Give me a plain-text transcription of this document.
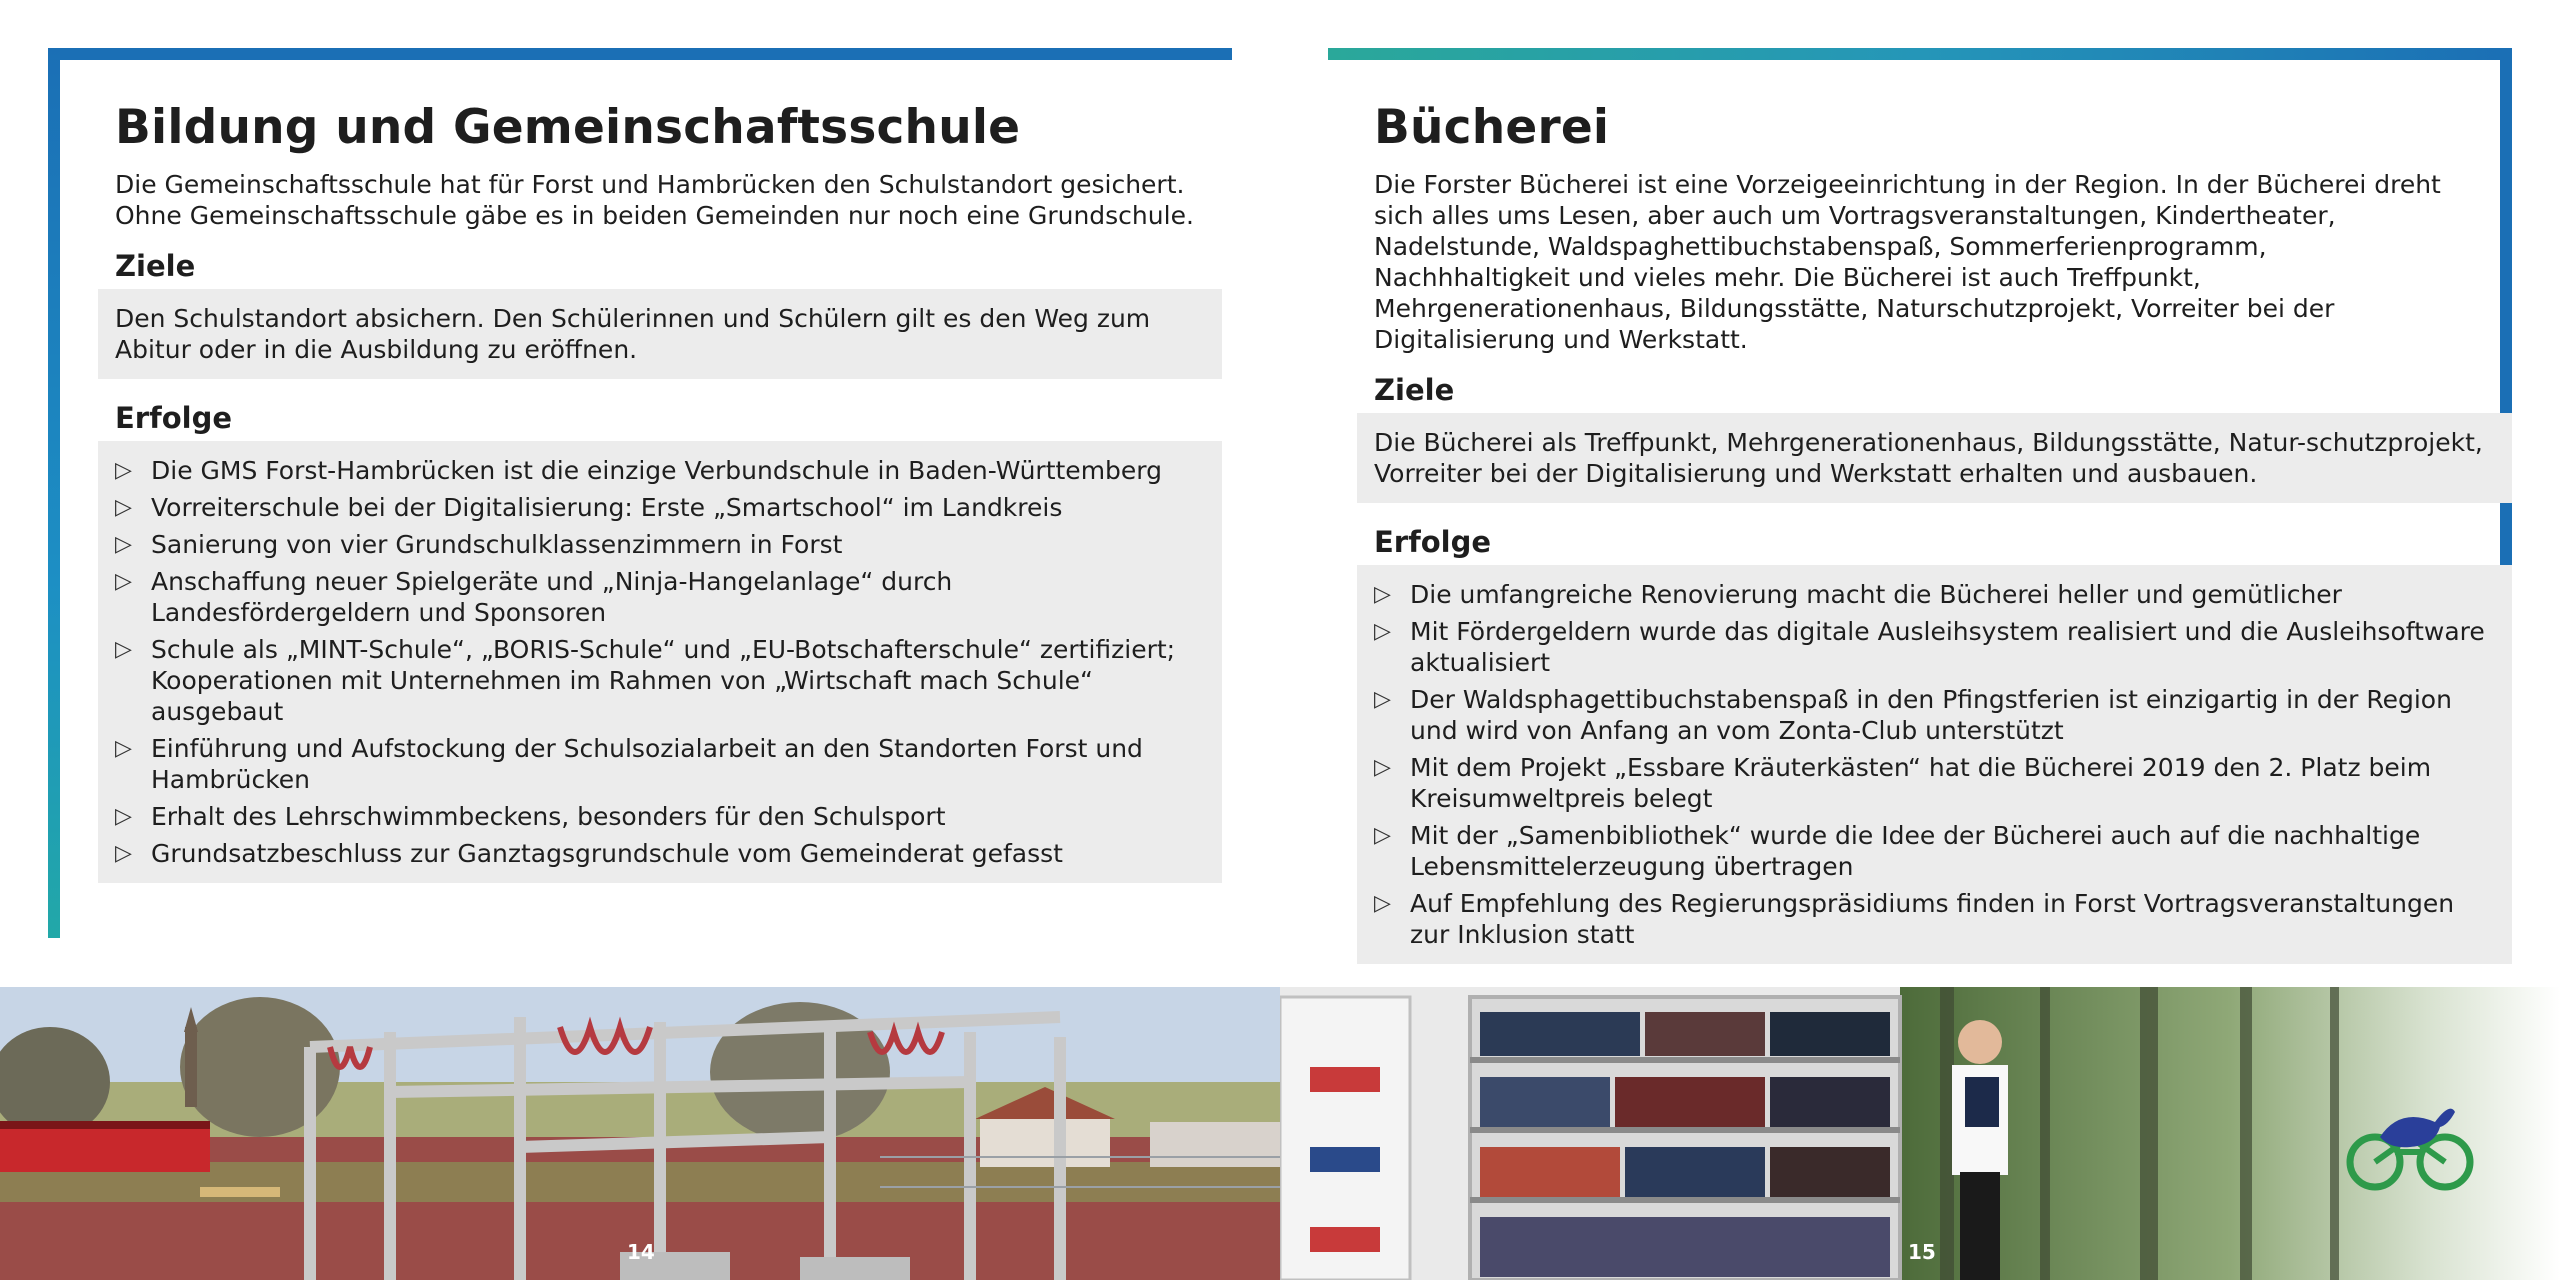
Bildung und Gemeinschaftsschule

Die Gemeinschaftsschule hat für Forst und Hambrücken den Schulstandort gesichert. Ohne Gemeinschaftsschule gäbe es in beiden Gemeinden nur noch eine Grundschule.

Ziele
Den Schulstandort absichern. Den Schülerinnen und Schülern gilt es den Weg zum Abitur oder in die Ausbildung zu eröffnen.
Erfolge
▷ Die GMS Forst-Hambrücken ist die einzige Verbundschule in Baden-Württemberg
▷ Vorreiterschule bei der Digitalisierung: Erste „Smartschool“ im Landkreis
▷ Sanierung von vier Grundschulklassenzimmern in Forst
▷ Anschaffung neuer Spielgeräte und „Ninja-Hangelanlage“ durch Landesfördergeldern und Sponsoren
▷ Schule als „MINT-Schule“, „BORIS-Schule“ und „EU-Botschafterschule“ zertifiziert; Kooperationen mit Unternehmen im Rahmen von „Wirtschaft mach Schule“ ausgebaut
▷ Einführung und Aufstockung der Schulsozialarbeit an den Standorten Forst und Hambrücken
▷ Erhalt des Lehrschwimmbeckens, besonders für den Schulsport
▷ Grundsatzbeschluss zur Ganztagsgrundschule vom Gemeinderat gefasst
Bücherei

Die Forster Bücherei ist eine Vorzeigeeinrichtung in der Region. In der Bücherei dreht sich alles ums Lesen, aber auch um Vortragsveranstaltungen, Kindertheater, Nadelstunde, Waldspaghettibuchstabenspaß, Sommerferienprogramm, Nachhhaltigkeit und vieles mehr. Die Bücherei ist auch Treffpunkt, Mehrgenerationenhaus, Bildungsstätte, Naturschutzprojekt, Vorreiter bei der Digitalisierung und Werkstatt.

Ziele
Die Bücherei als Treffpunkt, Mehrgenerationenhaus, Bildungsstätte, Natur-schutzprojekt, Vorreiter bei der Digitalisierung und Werkstatt erhalten und ausbauen.
Erfolge
▷ Die umfangreiche Renovierung macht die Bücherei heller und gemütlicher
▷ Mit Fördergeldern wurde das digitale Ausleihsystem realisiert und die Ausleihsoftware aktualisiert
▷ Der Waldsphagettibuchstabenspaß in den Pfingstferien ist einzigartig in der Region und wird von Anfang an vom Zonta-Club unterstützt
▷ Mit dem Projekt „Essbare Kräuterkästen“ hat die Bücherei 2019 den 2. Platz beim Kreisumweltpreis belegt
▷ Mit der „Samenbibliothek“ wurde die Idee der Bücherei auch auf die nachhaltige Lebensmittelerzeugung übertragen
▷ Auf Empfehlung des Regierungspräsidiums finden in Forst Vortragsveranstaltungen zur Inklusion statt
14	15
